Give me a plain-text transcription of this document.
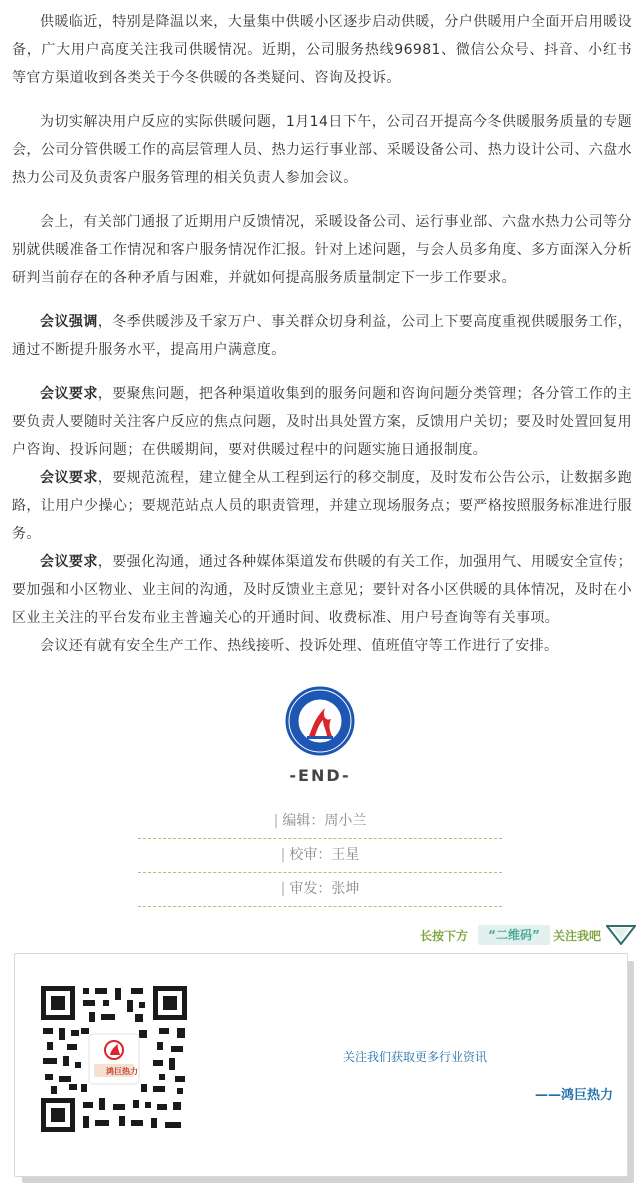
供暖临近，特别是降温以来，大量集中供暖小区逐步启动供暖，分户供暖用户全面开启用暖设备，广大用户高度关注我司供暖情况。近期，公司服务热线96981、微信公众号、抖音、小红书等官方渠道收到各类关于今冬供暖的各类疑问、咨询及投诉。

为切实解决用户反应的实际供暖问题，1月14日下午，公司召开提高今冬供暖服务质量的专题会，公司分管供暖工作的高层管理人员、热力运行事业部、采暖设备公司、热力设计公司、六盘水热力公司及负责客户服务管理的相关负责人参加会议。

会上，有关部门通报了近期用户反馈情况，采暖设备公司、运行事业部、六盘水热力公司等分别就供暖准备工作情况和客户服务情况作汇报。针对上述问题，与会人员多角度、多方面深入分析研判当前存在的各种矛盾与困难，并就如何提高服务质量制定下一步工作要求。

会议强调，冬季供暖涉及千家万户、事关群众切身利益，公司上下要高度重视供暖服务工作，通过不断提升服务水平，提高用户满意度。

会议要求，要聚焦问题，把各种渠道收集到的服务问题和咨询问题分类管理；各分管工作的主要负责人要随时关注客户反应的焦点问题，及时出具处置方案，反馈用户关切；要及时处置回复用户咨询、投诉问题；在供暖期间，要对供暖过程中的问题实施日通报制度。

会议要求，要规范流程，建立健全从工程到运行的移交制度，及时发布公告公示，让数据多跑路，让用户少操心；要规范站点人员的职责管理，并建立现场服务点；要严格按照服务标准进行服务。

会议要求，要强化沟通，通过各种媒体渠道发布供暖的有关工作，加强用气、用暖安全宣传；要加强和小区物业、业主间的沟通，及时反馈业主意见；要针对各小区供暖的具体情况，及时在小区业主关注的平台发布业主普遍关心的开通时间、收费标准、用户号查询等有关事项。

会议还有就有安全生产工作、热线接听、投诉处理、值班值守等工作进行了安排。

-END-
| 编辑：周小兰
| 校审：王星
| 审发：张坤
长按下方	“二维码”	关注我吧
鸿巨热力
关注我们获取更多行业资讯
——鸿巨热力
